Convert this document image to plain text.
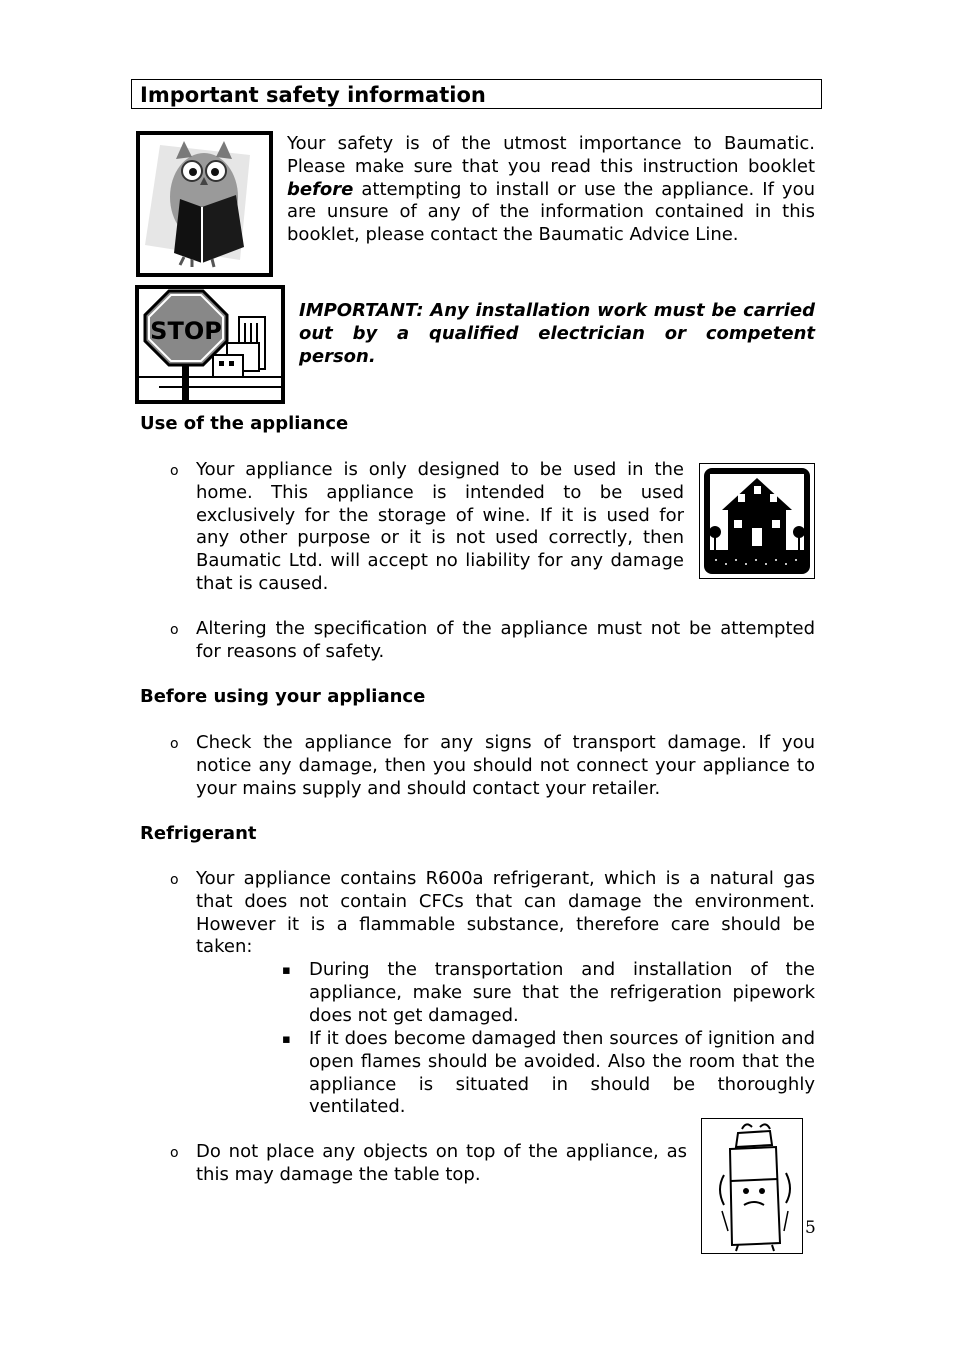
Important safety information
Your safety is of the utmost importance to Baumatic. Please make sure that you read this instruction booklet before attempting to install or use the appliance. If you are unsure of any of the information contained in this booklet, please contact the Baumatic Advice Line.
STOP
IMPORTANT: Any installation work must be carried out by a qualified electrician or competent person.
Use of the appliance
o Your appliance is only designed to be used in the home. This appliance is intended to be used exclusively for the storage of wine. If it is used for any other purpose or it is not used correctly, then Baumatic Ltd. will accept no liability for any damage that is caused.
o Altering the specification of the appliance must not be attempted for reasons of safety.
Before using your appliance
o Check the appliance for any signs of transport damage. If you notice any damage, then you should not connect your appliance to your mains supply and should contact your retailer.
Refrigerant
o Your appliance contains R600a refrigerant, which is a natural gas that does not contain CFCs that can damage the environment. However it is a flammable substance, therefore care should be taken:
▪ During the transportation and installation of the appliance, make sure that the refrigeration pipework does not get damaged.
▪ If it does become damaged then sources of ignition and open flames should be avoided. Also the room that the appliance is situated in should be thoroughly ventilated.
o Do not place any objects on top of the appliance, as this may damage the table top.
5
